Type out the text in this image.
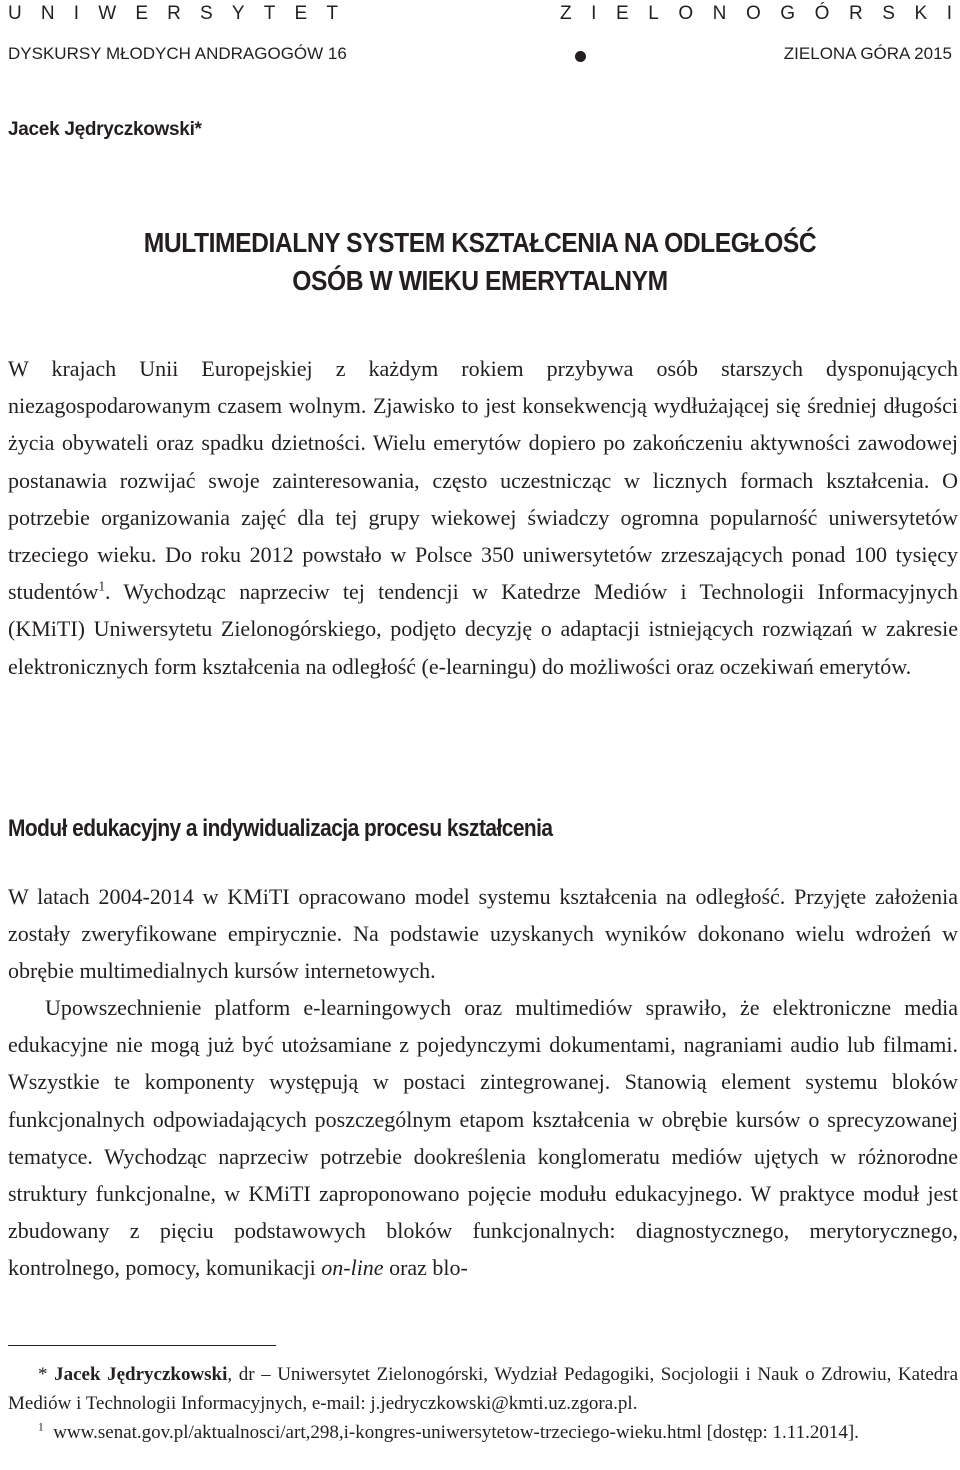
U N I W E R S Y T E T	Z I E L O N O G Ó R S K I
DYSKURSY MŁODYCH ANDRAGOGÓW 16	ZIELONA GÓRA 2015
Jacek Jędryczkowski*
MULTIMEDIALNY SYSTEM KSZTAŁCENIA NA ODLEGŁOŚĆ
OSÓB W WIEKU EMERYTALNYM
W krajach Unii Europejskiej z każdym rokiem przybywa osób starszych dysponujących niezagospodarowanym czasem wolnym. Zjawisko to jest konsekwencją wydłużającej się średniej długości życia obywateli oraz spadku dzietności. Wielu emerytów dopiero po zakończeniu aktywności zawodowej postanawia rozwijać swoje zainteresowania, często uczestnicząc w licznych formach kształcenia. O potrzebie organizowania zajęć dla tej grupy wiekowej świadczy ogromna popularność uniwersytetów trzeciego wieku. Do roku 2012 powstało w Polsce 350 uniwersytetów zrzeszających ponad 100 tysięcy studentów$^1$. Wychodząc naprzeciw tej tendencji w Katedrze Mediów i Technologii Informacyjnych (KMiTI) Uniwersytetu Zielonogórskiego, podjęto decyzję o adaptacji istniejących rozwiązań w zakresie elektronicznych form kształcenia na odległość (e-learningu) do możliwości oraz oczekiwań emerytów.
Moduł edukacyjny a indywidualizacja procesu kształcenia
W latach 2004-2014 w KMiTI opracowano model systemu kształcenia na odległość. Przyjęte założenia zostały zweryfikowane empirycznie. Na podstawie uzyskanych wyników dokonano wielu wdrożeń w obrębie multimedialnych kursów internetowych.
Upowszechnienie platform e-learningowych oraz multimediów sprawiło, że elektroniczne media edukacyjne nie mogą już być utożsamiane z pojedynczymi dokumentami, nagraniami audio lub filmami. Wszystkie te komponenty występują w postaci zintegrowanej. Stanowią element systemu bloków funkcjonalnych odpowiadających poszczególnym etapom kształcenia w obrębie kursów o sprecyzowanej tematyce. Wychodząc naprzeciw potrzebie dookreślenia konglomeratu mediów ujętych w różnorodne struktury funkcjonalne, w KMiTI zaproponowano pojęcie modułu edukacyjnego. W praktyce moduł jest zbudowany z pięciu podstawowych bloków funkcjonalnych: diagnostycznego, merytorycznego, kontrolnego, pomocy, komunikacji on-line oraz blo-
* Jacek Jędryczkowski, dr – Uniwersytet Zielonogórski, Wydział Pedagogiki, Socjologii i Nauk o Zdrowiu, Katedra Mediów i Technologii Informacyjnych, e-mail: j.jedryczkowski@kmti.uz.zgora.pl.
$^1$ www.senat.gov.pl/aktualnosci/art,298,i-kongres-uniwersytetow-trzeciego-wieku.html [dostęp: 1.11.2014].
